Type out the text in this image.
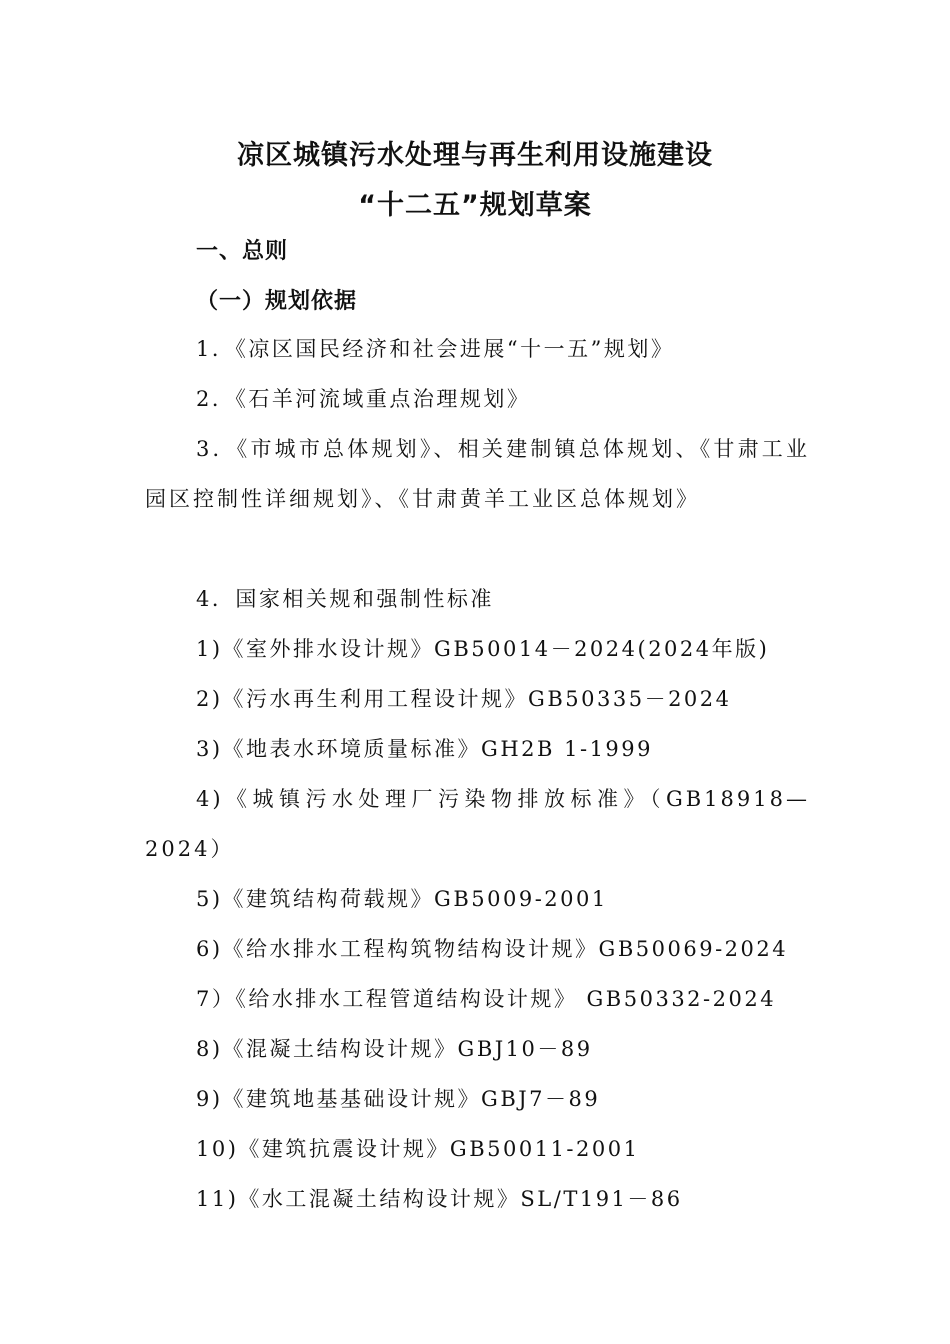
凉区城镇污水处理与再生利用设施建设
“十二五”规划草案
一、总则
（一）规划依据
1．《凉区国民经济和社会进展“十一五”规划》
2．《石羊河流域重点治理规划》
3．《市城市总体规划》、相关建制镇总体规划、《甘肃工业园区控制性详细规划》、《甘肃黄羊工业区总体规划》
4．国家相关规和强制性标准
1)《室外排水设计规》GB50014－2024(2024年版)
2)《污水再生利用工程设计规》GB50335－2024
3)《地表水环境质量标准》GH2B 1-1999
4)《城镇污水处理厂污染物排放标准》（GB18918—2024）
5)《建筑结构荷载规》GB5009-2001
6)《给水排水工程构筑物结构设计规》GB50069-2024
7）《给水排水工程管道结构设计规》 GB50332-2024
8)《混凝土结构设计规》GBJ10－89
9)《建筑地基基础设计规》GBJ7－89
10)《建筑抗震设计规》GB50011-2001
11)《水工混凝土结构设计规》SL/T191－86
